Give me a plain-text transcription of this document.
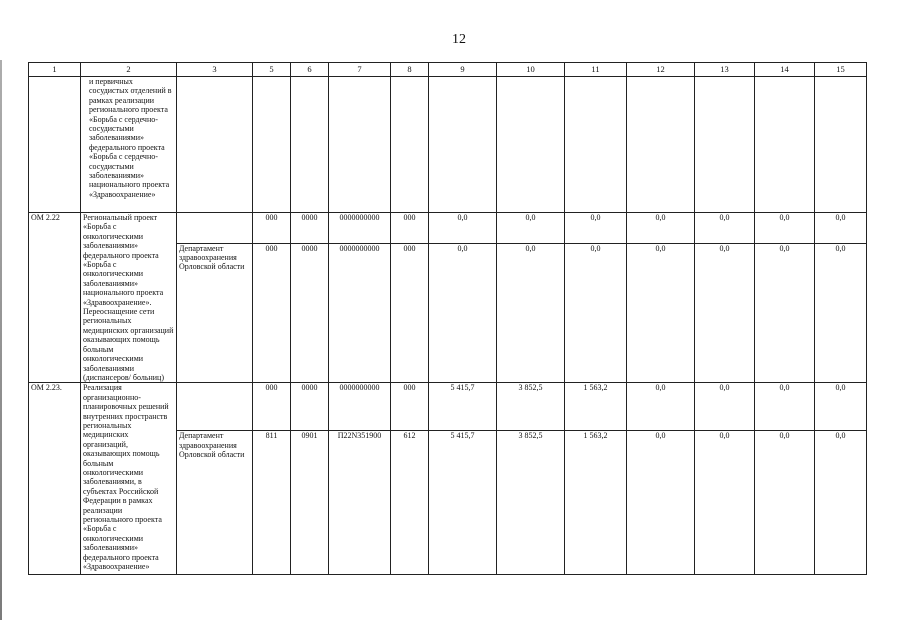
12
1	2	3	5	6	7	8	9	10	11	12	13	14	15
	и первичных сосудистых отделений в рамках реализации регионального проекта «Борьба с сердечно-сосудистыми заболеваниями» федерального проекта «Борьба с сердечно-сосудистыми заболеваниями» национального проекта «Здравоохранение»												
ОМ 2.22	Региональный проект «Борьба с онкологическими заболеваниями» федерального проекта «Борьба с онкологическими заболеваниями» национального проекта «Здравоохранение». Переоснащение сети региональных медицинских организаций оказывающих помощь больным онкологическими заболеваниями (диспансеров/ больниц)		000	0000	0000000000	000	0,0	0,0	0,0	0,0	0,0	0,0	0,0
		Департамент здравоохранения Орловской области	000	0000	0000000000	000	0,0	0,0	0,0	0,0	0,0	0,0	0,0
ОМ 2.23.	Реализация организационно-планировочных решений внутренних пространств региональных медицинских организаций, оказывающих помощь больным онкологическими заболеваниями, в субъектах Российской Федерации в рамках реализации регионального проекта «Борьба с онкологическими заболеваниями» федерального проекта «Здравоохранение»		000	0000	0000000000	000	5 415,7	3 852,5	1 563,2	0,0	0,0	0,0	0,0
		Департамент здравоохранения Орловской области	811	0901	П22N351900	612	5 415,7	3 852,5	1 563,2	0,0	0,0	0,0	0,0
